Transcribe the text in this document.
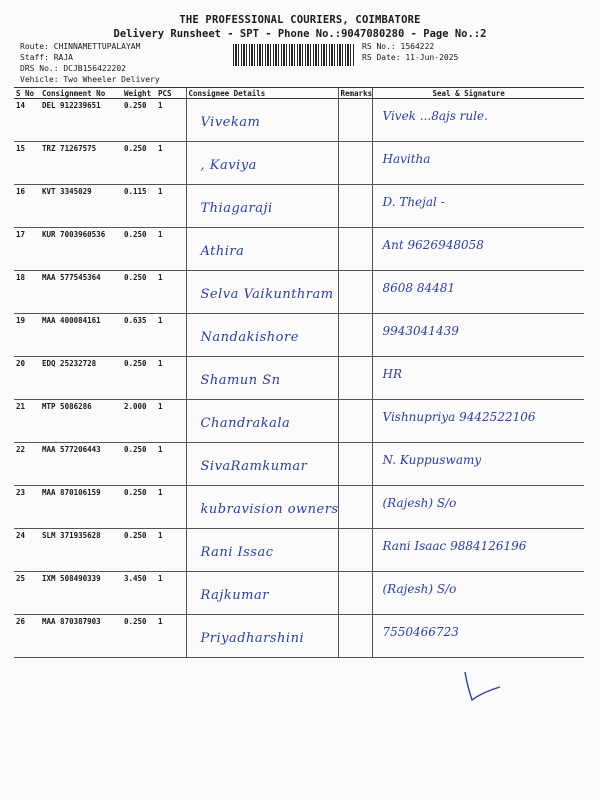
THE PROFESSIONAL COURIERS, COIMBATORE
Delivery Runsheet - SPT - Phone No.:9047080280 - Page No.:2
Route: CHINNAMETTUPALAYAM
Staff: RAJA
DRS No.: DCJB156422202
Vehicle: Two Wheeler Delivery
RS No.: 1564222
RS Date: 11-Jun-2025
S No	Consignment No	Weight	PCS	Consignee Details	Remarks	Seal & Signature
14	DEL 912239651	0.250	1	Vivekam		Vivek ...8ajs rule.

15	TRZ 71267575	0.250	1	, Kaviya		Havitha

16	KVT 3345029	0.115	1	Thiagaraji		D. Thejal -

17	KUR 7003960536	0.250	1	Athira		Ant 9626948058

18	MAA 577545364	0.250	1	Selva Vaikunthram		8608 84481

19	MAA 400084161	0.635	1	Nandakishore		9943041439

20	EDQ 25232728	0.250	1	Shamun Sn		HR

21	MTP 5086286	2.000	1	Chandrakala		Vishnupriya 9442522106

22	MAA 577206443	0.250	1	SivaRamkumar		N. Kuppuswamy

23	MAA 870106159	0.250	1	kubravision owners		(Rajesh) S/o

24	SLM 371935628	0.250	1	Rani Issac		Rani Isaac 9884126196

25	IXM 508490339	3.450	1	Rajkumar		(Rajesh) S/o

26	MAA 870387903	0.250	1	Priyadharshini		7550466723
